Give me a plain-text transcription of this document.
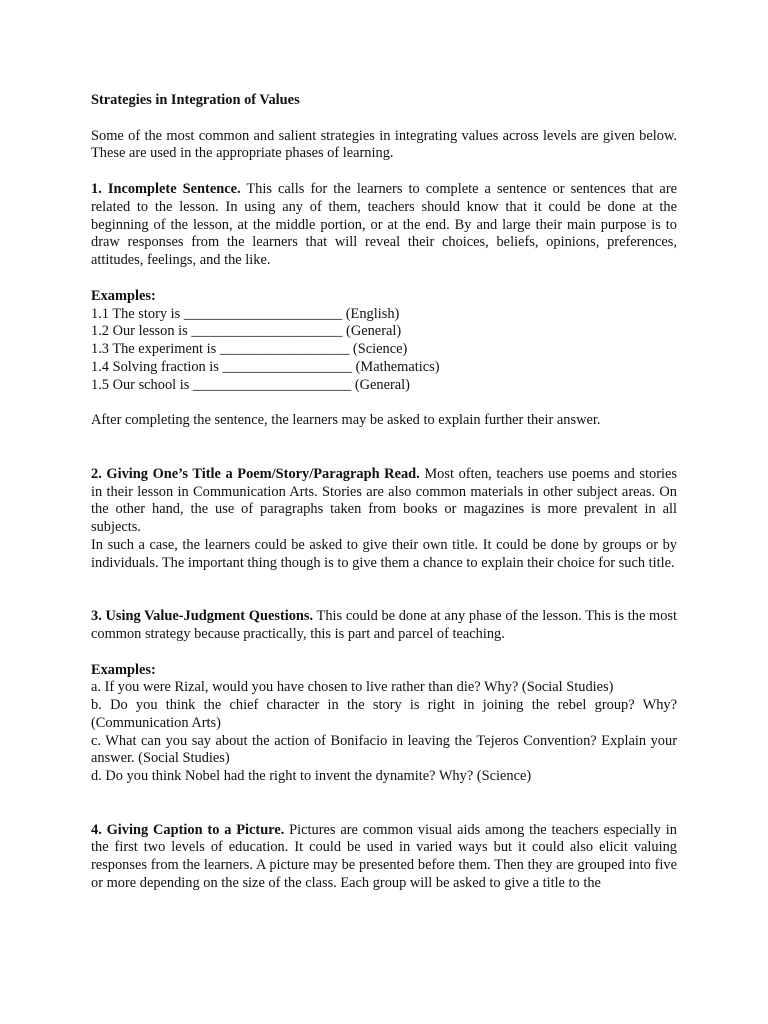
Strategies in Integration of Values

Some of the most common and salient strategies in integrating values across levels are given below. These are used in the appropriate phases of learning.

1. Incomplete Sentence. This calls for the learners to complete a sentence or sentences that are related to the lesson. In using any of them, teachers should know that it could be done at the beginning of the lesson, at the middle portion, or at the end. By and large their main purpose is to draw responses from the learners that will reveal their choices, beliefs, opinions, preferences, attitudes, feelings, and the like.

Examples:
1.1 The story is ______________________ (English)
1.2 Our lesson is _____________________ (General)
1.3 The experiment is __________________ (Science)
1.4 Solving fraction is __________________ (Mathematics)
1.5 Our school is ______________________ (General)

After completing the sentence, the learners may be asked to explain further their answer.

2. Giving One’s Title a Poem/Story/Paragraph Read. Most often, teachers use poems and stories in their lesson in Communication Arts. Stories are also common materials in other subject areas. On the other hand, the use of paragraphs taken from books or magazines is more prevalent in all subjects.

In such a case, the learners could be asked to give their own title. It could be done by groups or by individuals. The important thing though is to give them a chance to explain their choice for such title.

3. Using Value-Judgment Questions. This could be done at any phase of the lesson. This is the most common strategy because practically, this is part and parcel of teaching.

Examples:

a. If you were Rizal, would you have chosen to live rather than die? Why? (Social Studies)

b. Do you think the chief character in the story is right in joining the rebel group? Why? (Communication Arts)

c. What can you say about the action of Bonifacio in leaving the Tejeros Convention? Explain your answer. (Social Studies)

d. Do you think Nobel had the right to invent the dynamite? Why? (Science)

4. Giving Caption to a Picture. Pictures are common visual aids among the teachers especially in the first two levels of education. It could be used in varied ways but it could also elicit valuing responses from the learners. A picture may be presented before them. Then they are grouped into five or more depending on the size of the class. Each group will be asked to give a title to the
